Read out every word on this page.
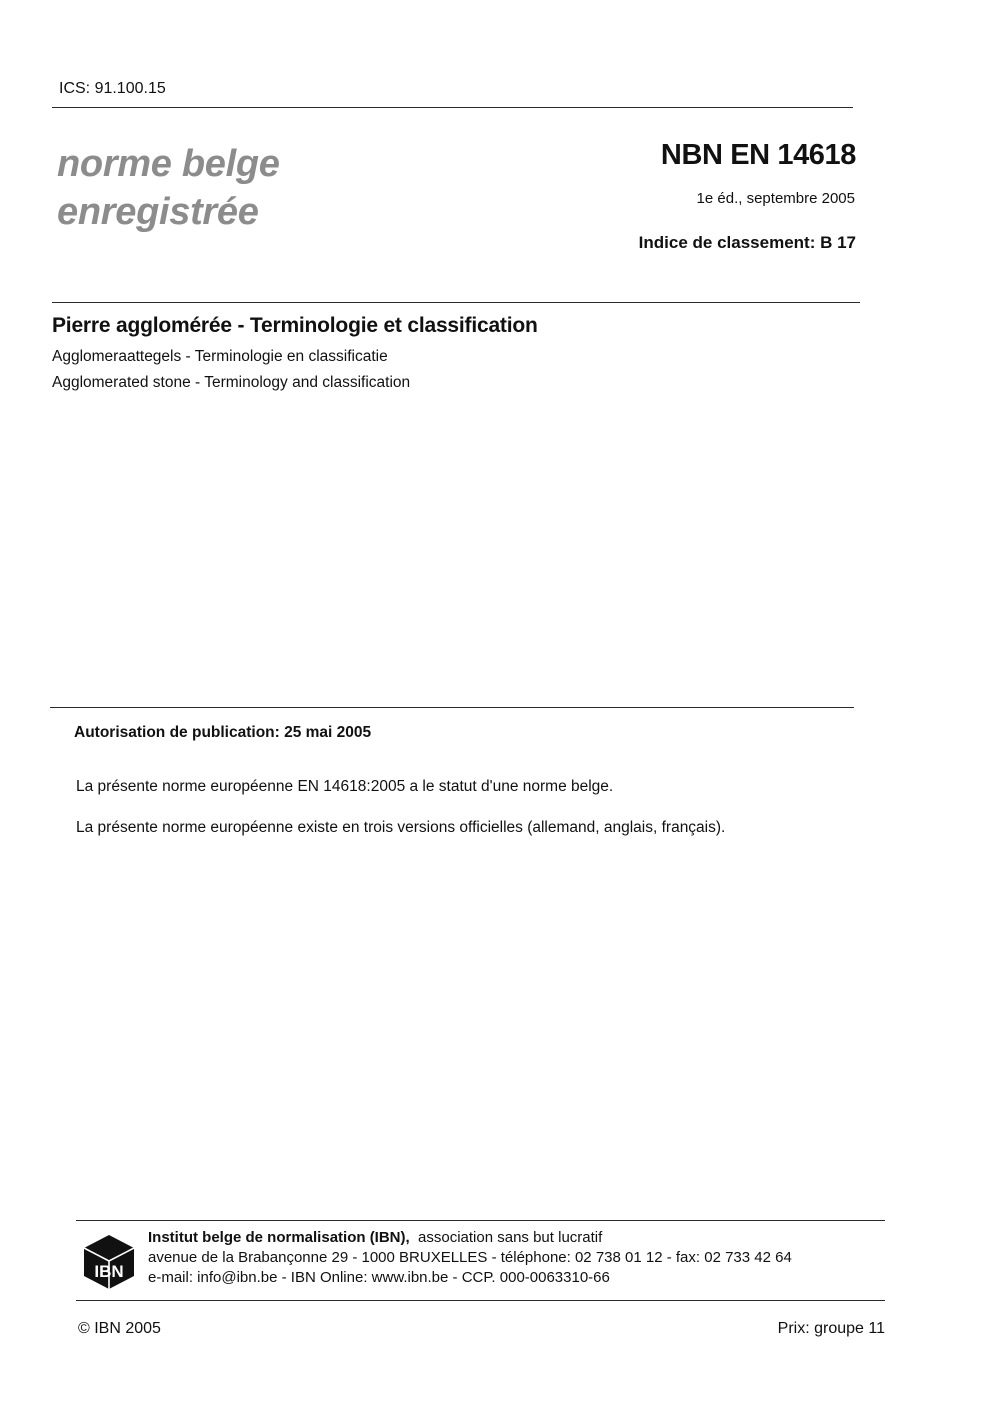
ICS: 91.100.15
norme belge
enregistrée
NBN EN 14618
1e éd., septembre 2005
Indice de classement: B 17
Pierre agglomérée - Terminologie et classification
Agglomeraattegels - Terminologie en classificatie
Agglomerated stone - Terminology and classification
Autorisation de publication: 25 mai 2005
La présente norme européenne EN 14618:2005 a le statut d'une norme belge.
La présente norme européenne existe en trois versions officielles (allemand, anglais, français).
IBN
Institut belge de normalisation (IBN), association sans but lucratif
avenue de la Brabançonne 29 - 1000 BRUXELLES - téléphone: 02 738 01 12 - fax: 02 733 42 64
e-mail: info@ibn.be - IBN Online: www.ibn.be - CCP. 000-0063310-66
© IBN 2005	Prix: groupe 11
